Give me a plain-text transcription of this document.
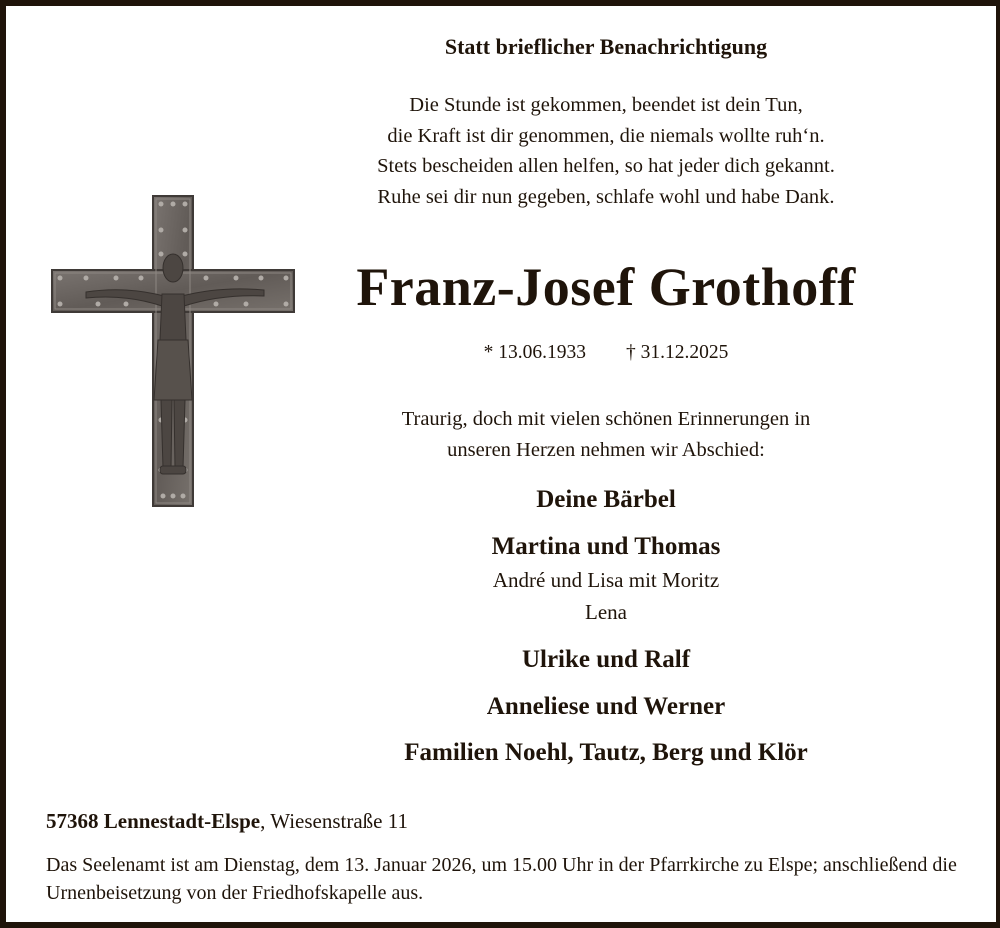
Statt brieflicher Benachrichtigung
Die Stunde ist gekommen, beendet ist dein Tun,
die Kraft ist dir genommen, die niemals wollte ruh‘n.
Stets bescheiden allen helfen, so hat jeder dich gekannt.
Ruhe sei dir nun gegeben, schlafe wohl und habe Dank.
Franz-Josef Grothoff
* 13.06.1933 † 31.12.2025
Traurig, doch mit vielen schönen Erinnerungen in
unseren Herzen nehmen wir Abschied:
Deine Bärbel
Martina und Thomas
André und Lisa mit Moritz
Lena
Ulrike und Ralf
Anneliese und Werner
Familien Noehl, Tautz, Berg und Klör
57368 Lennestadt-Elspe, Wiesenstraße 11
Das Seelenamt ist am Dienstag, dem 13. Januar 2026, um 15.00 Uhr in der Pfarrkirche zu Elspe; anschließend die Urnenbeisetzung von der Friedhofskapelle aus.
